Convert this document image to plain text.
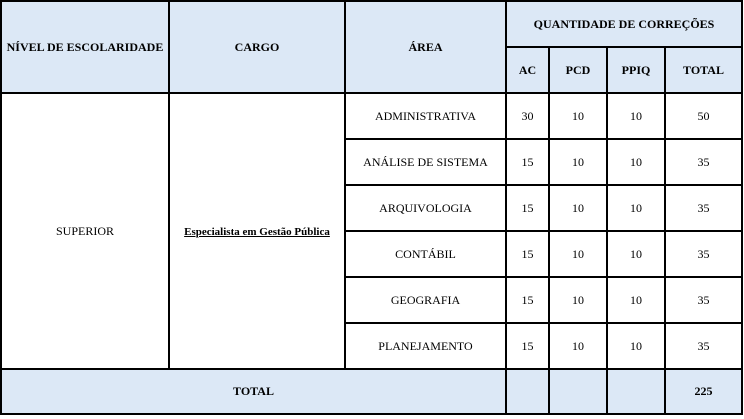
NÍVEL DE ESCOLARIDADE	CARGO	ÁREA	QUANTIDADE DE CORREÇÕES			
			AC	PCD	PPIQ	TOTAL
SUPERIOR	Especialista em Gestão Pública	ADMINISTRATIVA	30	10	10	50
		ANÁLISE DE SISTEMA	15	10	10	35
		ARQUIVOLOGIA	15	10	10	35
		CONTÁBIL	15	10	10	35
		GEOGRAFIA	15	10	10	35
		PLANEJAMENTO	15	10	10	35
TOTAL						225
